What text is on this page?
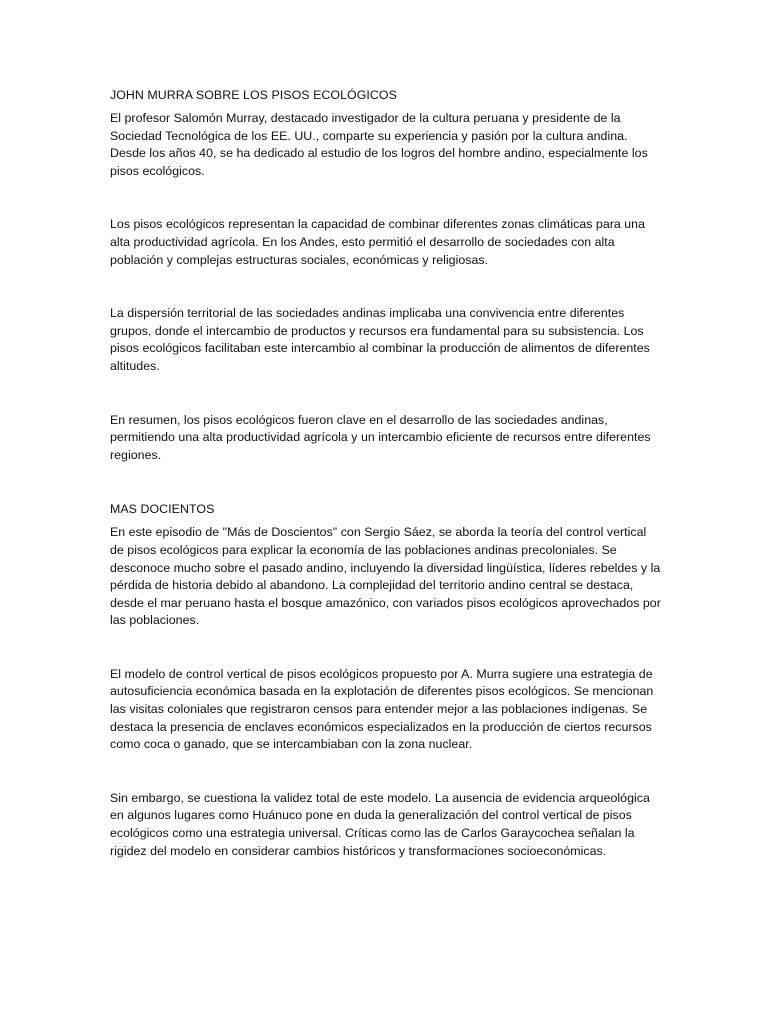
JOHN MURRA SOBRE LOS PISOS ECOLÓGICOS

El profesor Salomón Murray, destacado investigador de la cultura peruana y presidente de la Sociedad Tecnológica de los EE. UU., comparte su experiencia y pasión por la cultura andina. Desde los años 40, se ha dedicado al estudio de los logros del hombre andino, especialmente los pisos ecológicos.

Los pisos ecológicos representan la capacidad de combinar diferentes zonas climáticas para una alta productividad agrícola. En los Andes, esto permitió el desarrollo de sociedades con alta población y complejas estructuras sociales, económicas y religiosas.

La dispersión territorial de las sociedades andinas implicaba una convivencia entre diferentes grupos, donde el intercambio de productos y recursos era fundamental para su subsistencia. Los pisos ecológicos facilitaban este intercambio al combinar la producción de alimentos de diferentes altitudes.

En resumen, los pisos ecológicos fueron clave en el desarrollo de las sociedades andinas, permitiendo una alta productividad agrícola y un intercambio eficiente de recursos entre diferentes regiones.

MAS DOCIENTOS

En este episodio de "Más de Doscientos" con Sergio Sáez, se aborda la teoría del control vertical de pisos ecológicos para explicar la economía de las poblaciones andinas precoloniales. Se desconoce mucho sobre el pasado andino, incluyendo la diversidad lingüística, líderes rebeldes y la pérdida de historia debido al abandono. La complejidad del territorio andino central se destaca, desde el mar peruano hasta el bosque amazónico, con variados pisos ecológicos aprovechados por las poblaciones.

El modelo de control vertical de pisos ecológicos propuesto por A. Murra sugiere una estrategia de autosuficiencia económica basada en la explotación de diferentes pisos ecológicos. Se mencionan las visitas coloniales que registraron censos para entender mejor a las poblaciones indígenas. Se destaca la presencia de enclaves económicos especializados en la producción de ciertos recursos como coca o ganado, que se intercambiaban con la zona nuclear.

Sin embargo, se cuestiona la validez total de este modelo. La ausencia de evidencia arqueológica en algunos lugares como Huánuco pone en duda la generalización del control vertical de pisos ecológicos como una estrategia universal. Críticas como las de Carlos Garaycochea señalan la rigidez del modelo en considerar cambios históricos y transformaciones socioeconómicas.
